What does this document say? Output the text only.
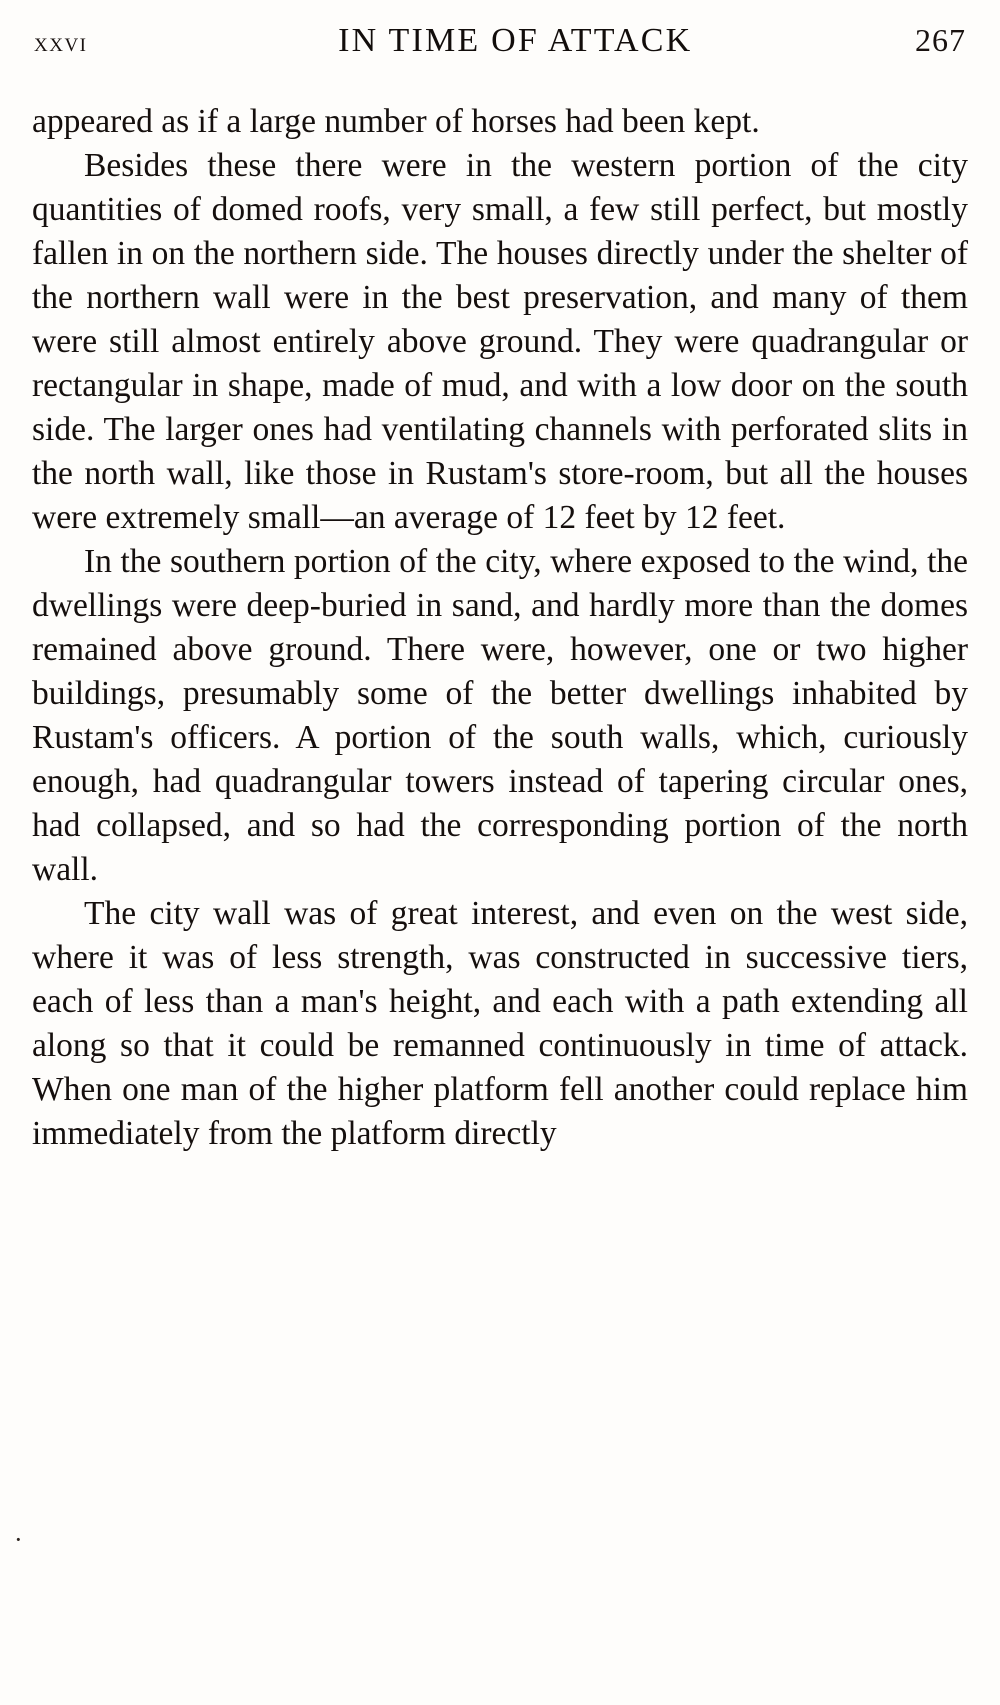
xxvi	IN TIME OF ATTACK	267

appeared as if a large number of horses had been kept.

Besides these there were in the western portion of the city quantities of domed roofs, very small, a few still perfect, but mostly fallen in on the northern side. The houses directly under the shelter of the northern wall were in the best preservation, and many of them were still almost entirely above ground. They were quadrangular or rectangular in shape, made of mud, and with a low door on the south side. The larger ones had ventilating channels with perforated slits in the north wall, like those in Rustam's store-room, but all the houses were extremely small—an average of 12 feet by 12 feet.

In the southern portion of the city, where exposed to the wind, the dwellings were deep-buried in sand, and hardly more than the domes remained above ground. There were, however, one or two higher buildings, presumably some of the better dwellings inhabited by Rustam's officers. A portion of the south walls, which, curiously enough, had quadrangular towers instead of tapering circular ones, had collapsed, and so had the corresponding portion of the north wall.

The city wall was of great interest, and even on the west side, where it was of less strength, was constructed in successive tiers, each of less than a man's height, and each with a path extending all along so that it could be remanned continuously in time of attack. When one man of the higher platform fell another could replace him immediately from the platform directly

·
